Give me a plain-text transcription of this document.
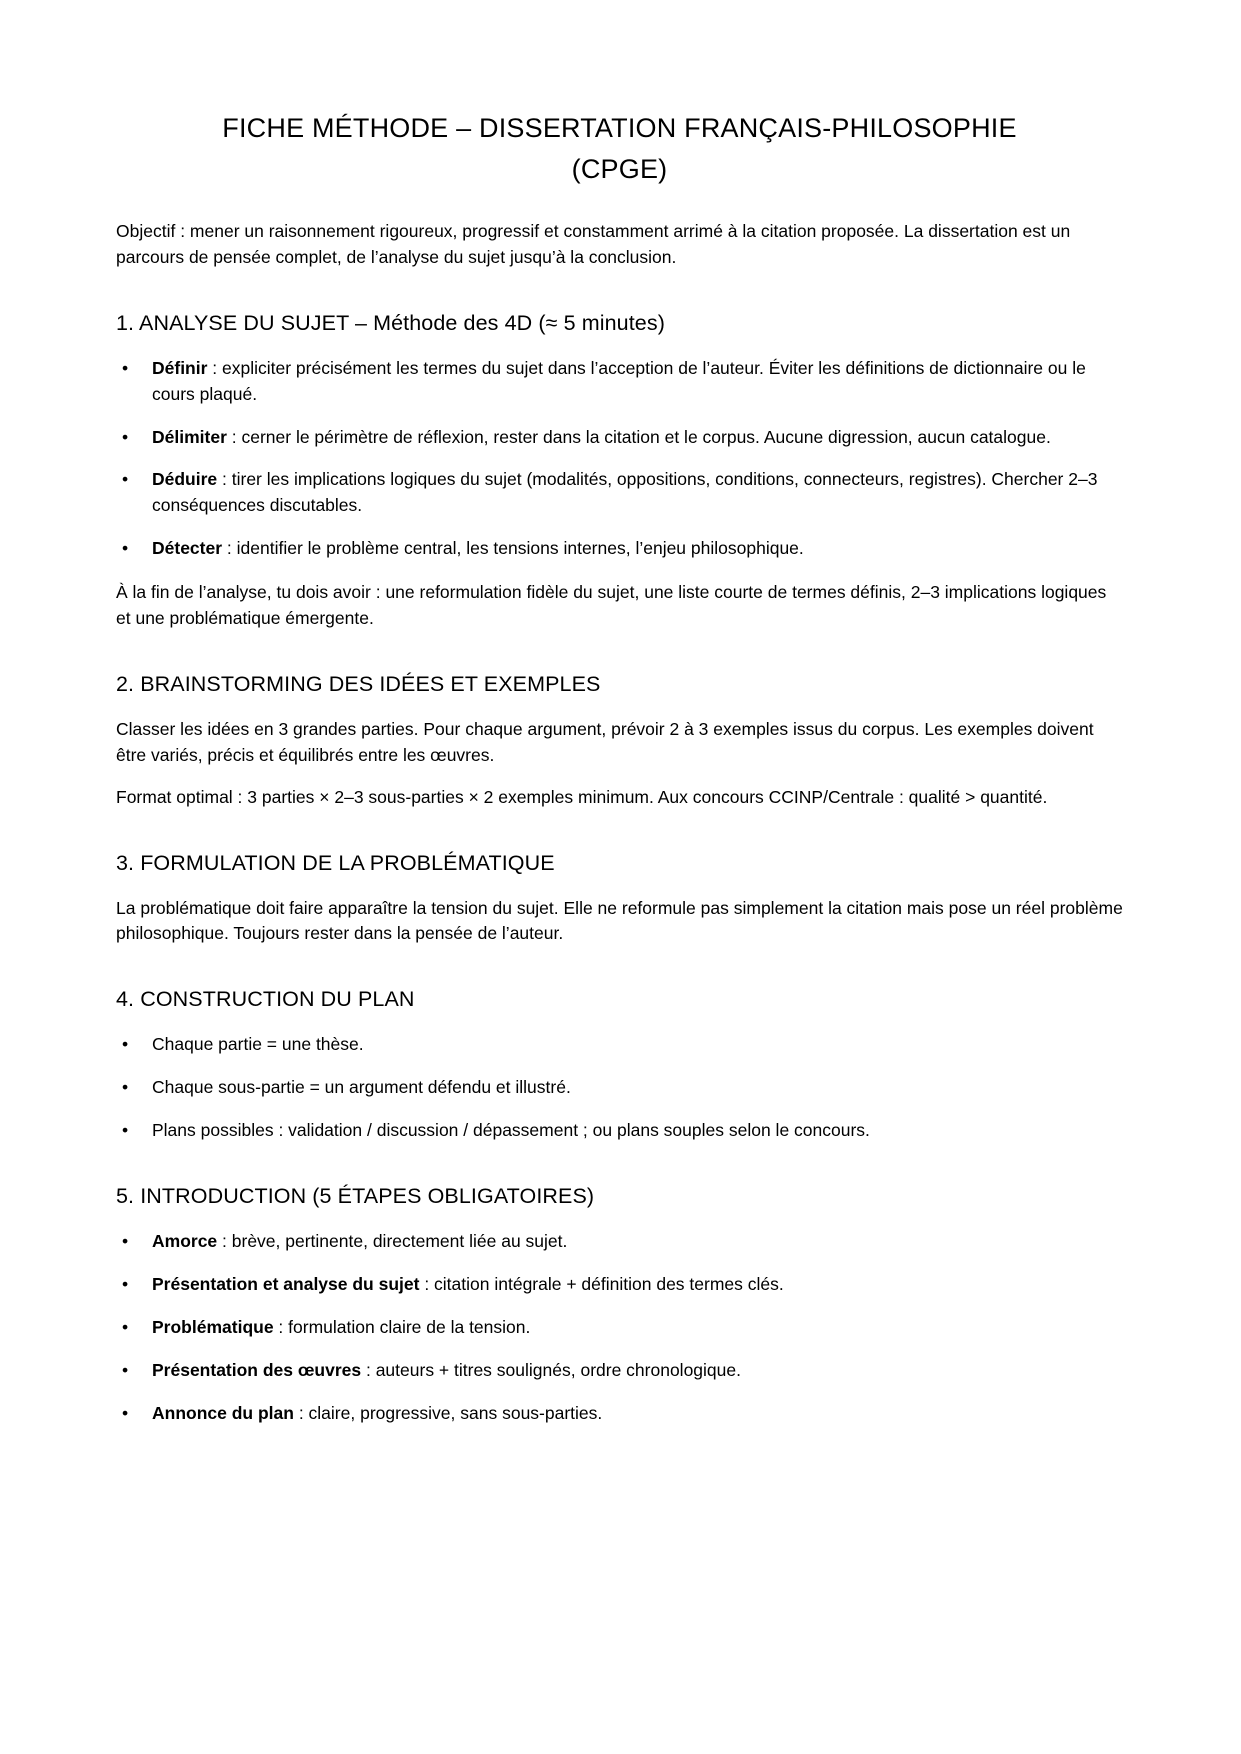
FICHE MÉTHODE – DISSERTATION FRANÇAIS-PHILOSOPHIE
(CPGE)

Objectif : mener un raisonnement rigoureux, progressif et constamment arrimé à la citation proposée. La dissertation est un parcours de pensée complet, de l’analyse du sujet jusqu’à la conclusion.

1. ANALYSE DU SUJET – Méthode des 4D (≈ 5 minutes)
• Définir : expliciter précisément les termes du sujet dans l’acception de l’auteur. Éviter les définitions de dictionnaire ou le cours plaqué.
• Délimiter : cerner le périmètre de réflexion, rester dans la citation et le corpus. Aucune digression, aucun catalogue.
• Déduire : tirer les implications logiques du sujet (modalités, oppositions, conditions, connecteurs, registres). Chercher 2–3 conséquences discutables.
• Détecter : identifier le problème central, les tensions internes, l’enjeu philosophique.

À la fin de l’analyse, tu dois avoir : une reformulation fidèle du sujet, une liste courte de termes définis, 2–3 implications logiques et une problématique émergente.

2. BRAINSTORMING DES IDÉES ET EXEMPLES

Classer les idées en 3 grandes parties. Pour chaque argument, prévoir 2 à 3 exemples issus du corpus. Les exemples doivent être variés, précis et équilibrés entre les œuvres.

Format optimal : 3 parties × 2–3 sous-parties × 2 exemples minimum. Aux concours CCINP/Centrale : qualité > quantité.

3. FORMULATION DE LA PROBLÉMATIQUE

La problématique doit faire apparaître la tension du sujet. Elle ne reformule pas simplement la citation mais pose un réel problème philosophique. Toujours rester dans la pensée de l’auteur.

4. CONSTRUCTION DU PLAN
• Chaque partie = une thèse.
• Chaque sous-partie = un argument défendu et illustré.
• Plans possibles : validation / discussion / dépassement ; ou plans souples selon le concours.
5. INTRODUCTION (5 ÉTAPES OBLIGATOIRES)
• Amorce : brève, pertinente, directement liée au sujet.
• Présentation et analyse du sujet : citation intégrale + définition des termes clés.
• Problématique : formulation claire de la tension.
• Présentation des œuvres : auteurs + titres soulignés, ordre chronologique.
• Annonce du plan : claire, progressive, sans sous-parties.
